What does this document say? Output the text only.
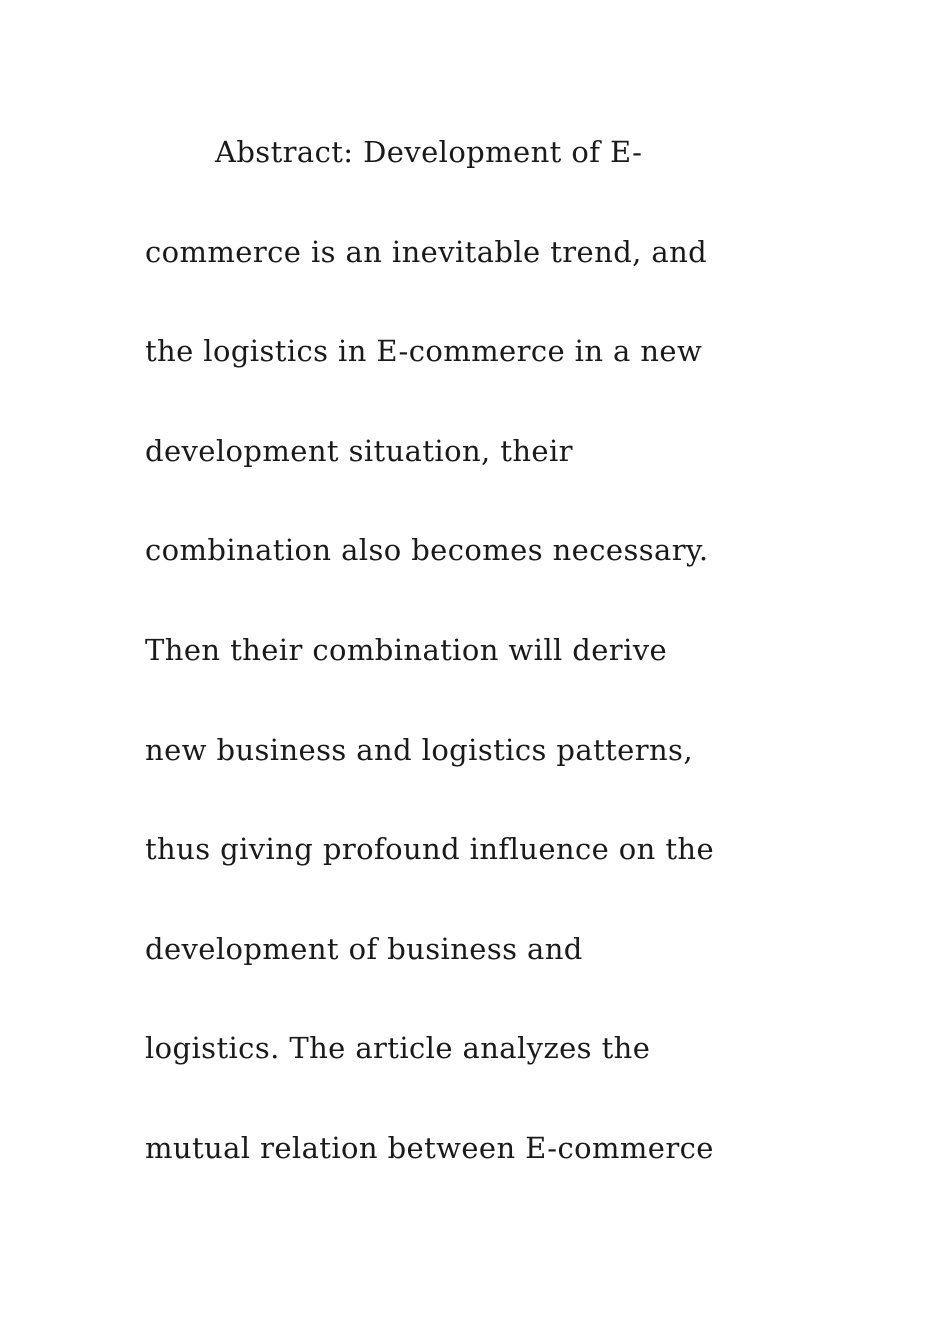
Abstract: Development of E-

commerce is an inevitable trend, and

the logistics in E-commerce in a new

development situation, their

combination also becomes necessary.

Then their combination will derive

new business and logistics patterns,

thus giving profound influence on the

development of business and

logistics. The article analyzes the

mutual relation between E-commerce
